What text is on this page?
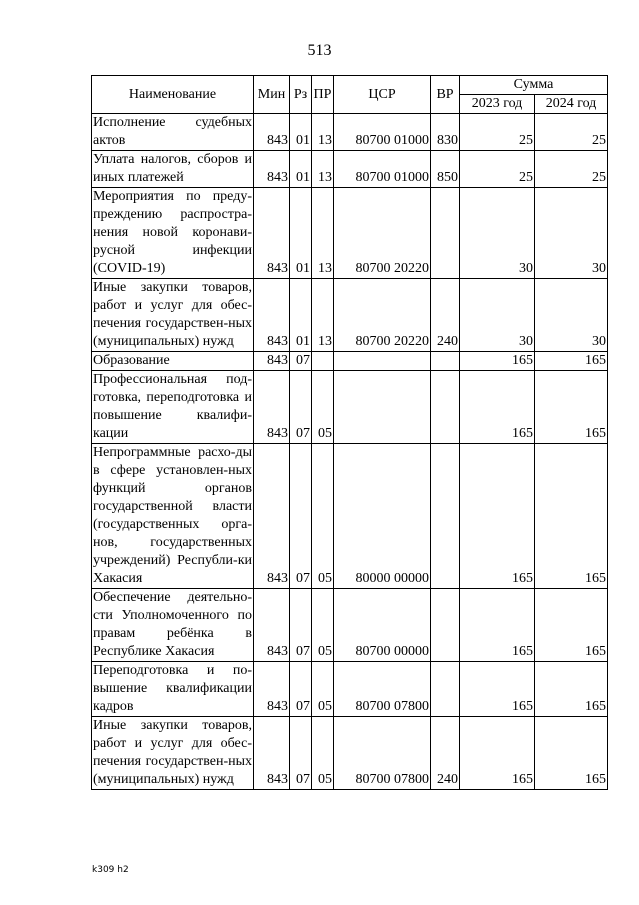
513
Наименование	Мин	Рз	ПР	ЦСР	ВР	Сумма	
						2023 год	2024 год
Исполнение судебных актов	843	01	13	80700 01000	830	25	25
Уплата налогов, сборов и иных платежей	843	01	13	80700 01000	850	25	25
Мероприятия по преду-преждению распростра-нения новой коронави-русной инфекции (COVID-19)	843	01	13	80700 20220		30	30
Иные закупки товаров, работ и услуг для обес-печения государствен-ных (муниципальных) нужд	843	01	13	80700 20220	240	30	30
Образование	843	07				165	165
Профессиональная под-готовка, переподготовка и повышение квалифи-кации	843	07	05			165	165
Непрограммные расхо-ды в сфере установлен-ных функций органов государственной власти (государственных орга-нов, государственных учреждений) Республи-ки Хакасия	843	07	05	80000 00000		165	165
Обеспечение деятельно-сти Уполномоченного по правам ребёнка в Республике Хакасия	843	07	05	80700 00000		165	165
Переподготовка и по-вышение квалификации кадров	843	07	05	80700 07800		165	165
Иные закупки товаров, работ и услуг для обес-печения государствен-ных (муниципальных) нужд	843	07	05	80700 07800	240	165	165
k309 h2
